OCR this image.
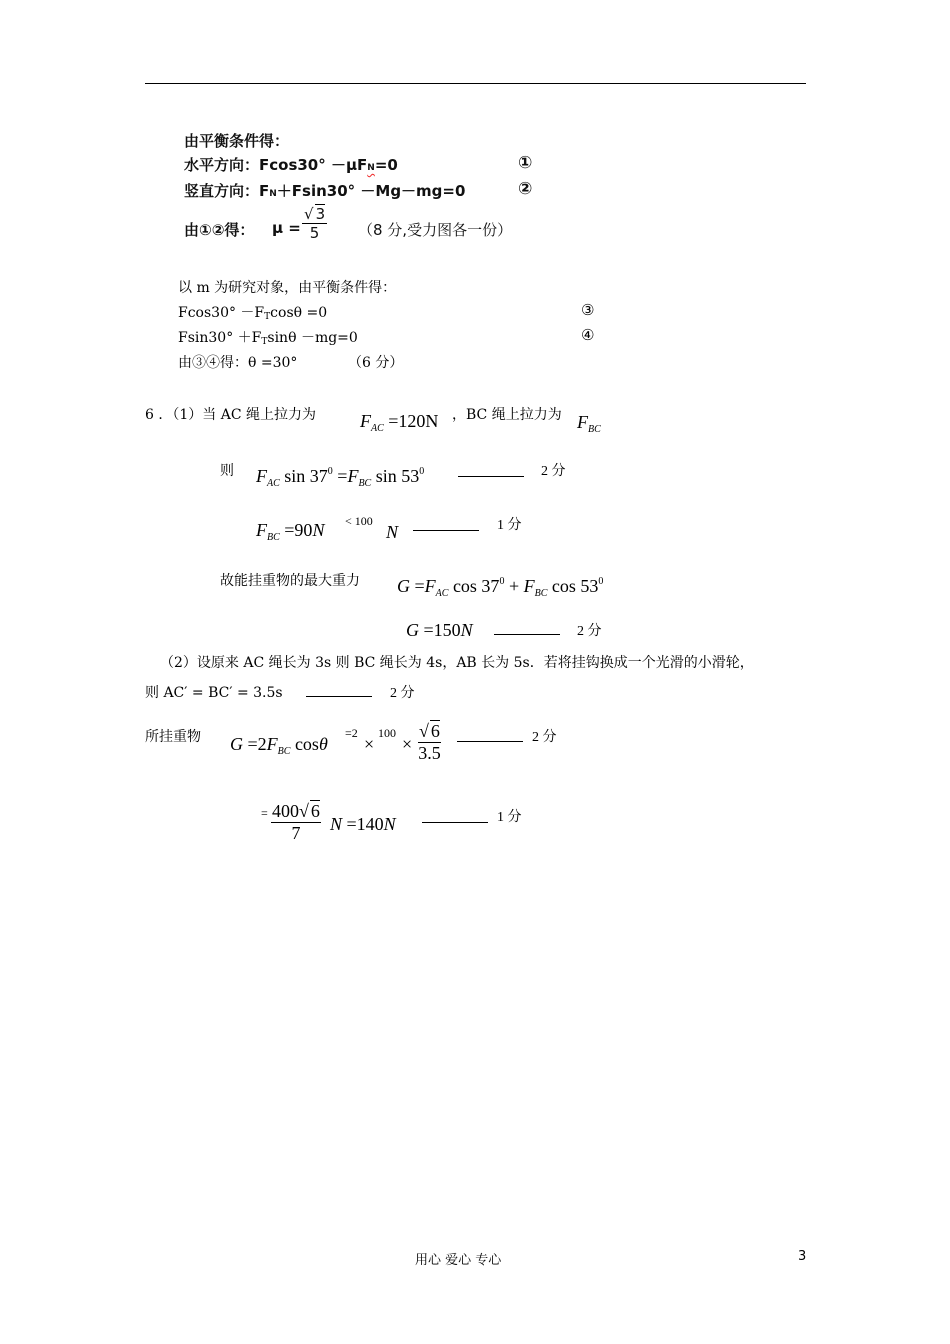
由平衡条件得：
水平方向：Fcos30° －μFN=0	①
竖直方向：FN＋Fsin30° －Mg－mg=0	②
由①②得： μ =
√ 3
5	（8 分,受力图各一份）
以 m 为研究对象，由平衡条件得：
Fcos30° －FTcosθ =0	③
Fsin30° ＋FTsinθ －mg=0	④
由③④得：θ =30°	（6 分）
6 ．（1）当 AC 绳上拉力为 $F_{AC} =120N$ ，BC 绳上拉力为 $F_{BC}$
则 $F_{AC}$ $\sin 37^0 =F_{BC}$ $\sin 53^0$	2 分
$F_{BC} =90N < 100$
N	1 分
故能挂重物的最大重力 $G =F_{AC}$ $\cos 37^0 + F_{BC}$ $\cos 53^0$
G =150N	2 分
（2）设原来 AC 绳长为 3s 则 BC 绳长为 4s，AB 长为 5s．若将挂钩换成一个光滑的小滑轮，
则 AC′ = BC′ = 3.5s	2 分
所挂重物 $G =2F_{BC}$ cosθ
=2
×
100
×
√ 6
3.5
2 分
= 400√ 6
7	N =140N	1 分
用心 爱心 专心	3
